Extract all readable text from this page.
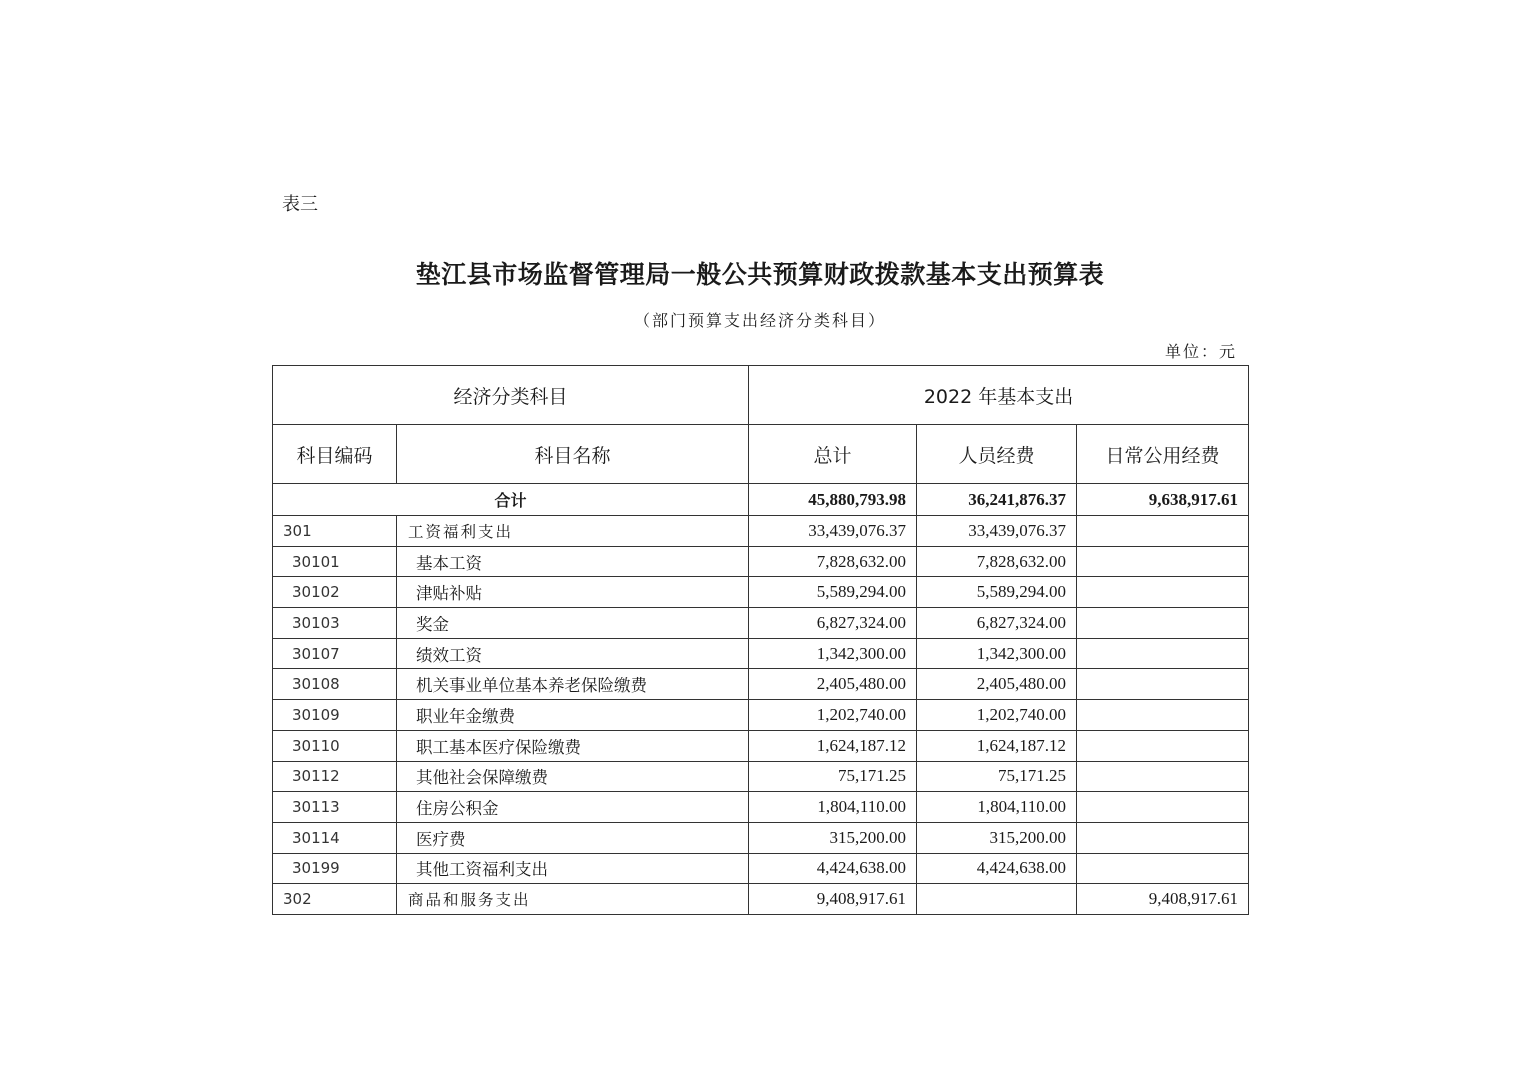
表三
垫江县市场监督管理局一般公共预算财政拨款基本支出预算表
（部门预算支出经济分类科目）
单位：元
经济分类科目		2022 年基本支出		
科目编码	科目名称	总计	人员经费	日常公用经费
合计		45,880,793.98	36,241,876.37	9,638,917.61
301	工资福利支出	33,439,076.37	33,439,076.37	
30101	基本工资	7,828,632.00	7,828,632.00	
30102	津贴补贴	5,589,294.00	5,589,294.00	
30103	奖金	6,827,324.00	6,827,324.00	
30107	绩效工资	1,342,300.00	1,342,300.00	
30108	机关事业单位基本养老保险缴费	2,405,480.00	2,405,480.00	
30109	职业年金缴费	1,202,740.00	1,202,740.00	
30110	职工基本医疗保险缴费	1,624,187.12	1,624,187.12	
30112	其他社会保障缴费	75,171.25	75,171.25	
30113	住房公积金	1,804,110.00	1,804,110.00	
30114	医疗费	315,200.00	315,200.00	
30199	其他工资福利支出	4,424,638.00	4,424,638.00	
302	商品和服务支出	9,408,917.61		9,408,917.61
